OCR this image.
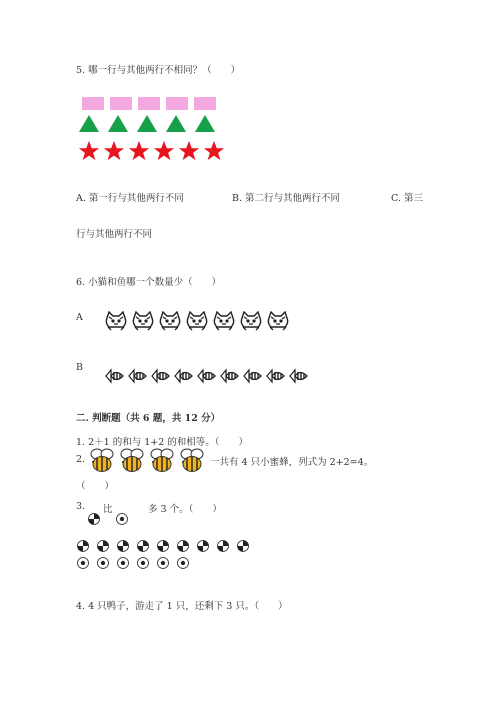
5. 哪一行与其他两行不相同？（　　）
A. 第一行与其他两行不同	B. 第二行与其他两行不同	C. 第三
行与其他两行不同
6. 小猫和鱼哪一个数量少（　　）
A
B
二. 判断题（共 6 题，共 12 分）
1. 2＋1 的和与 1+2 的和相等。（　　）
2.	一共有 4 只小蜜蜂，列式为 2+2=4。
（　　）
3. 比	多 3 个。（　　）
4. 4 只鸭子，游走了 1 只，还剩下 3 只。（　　）
